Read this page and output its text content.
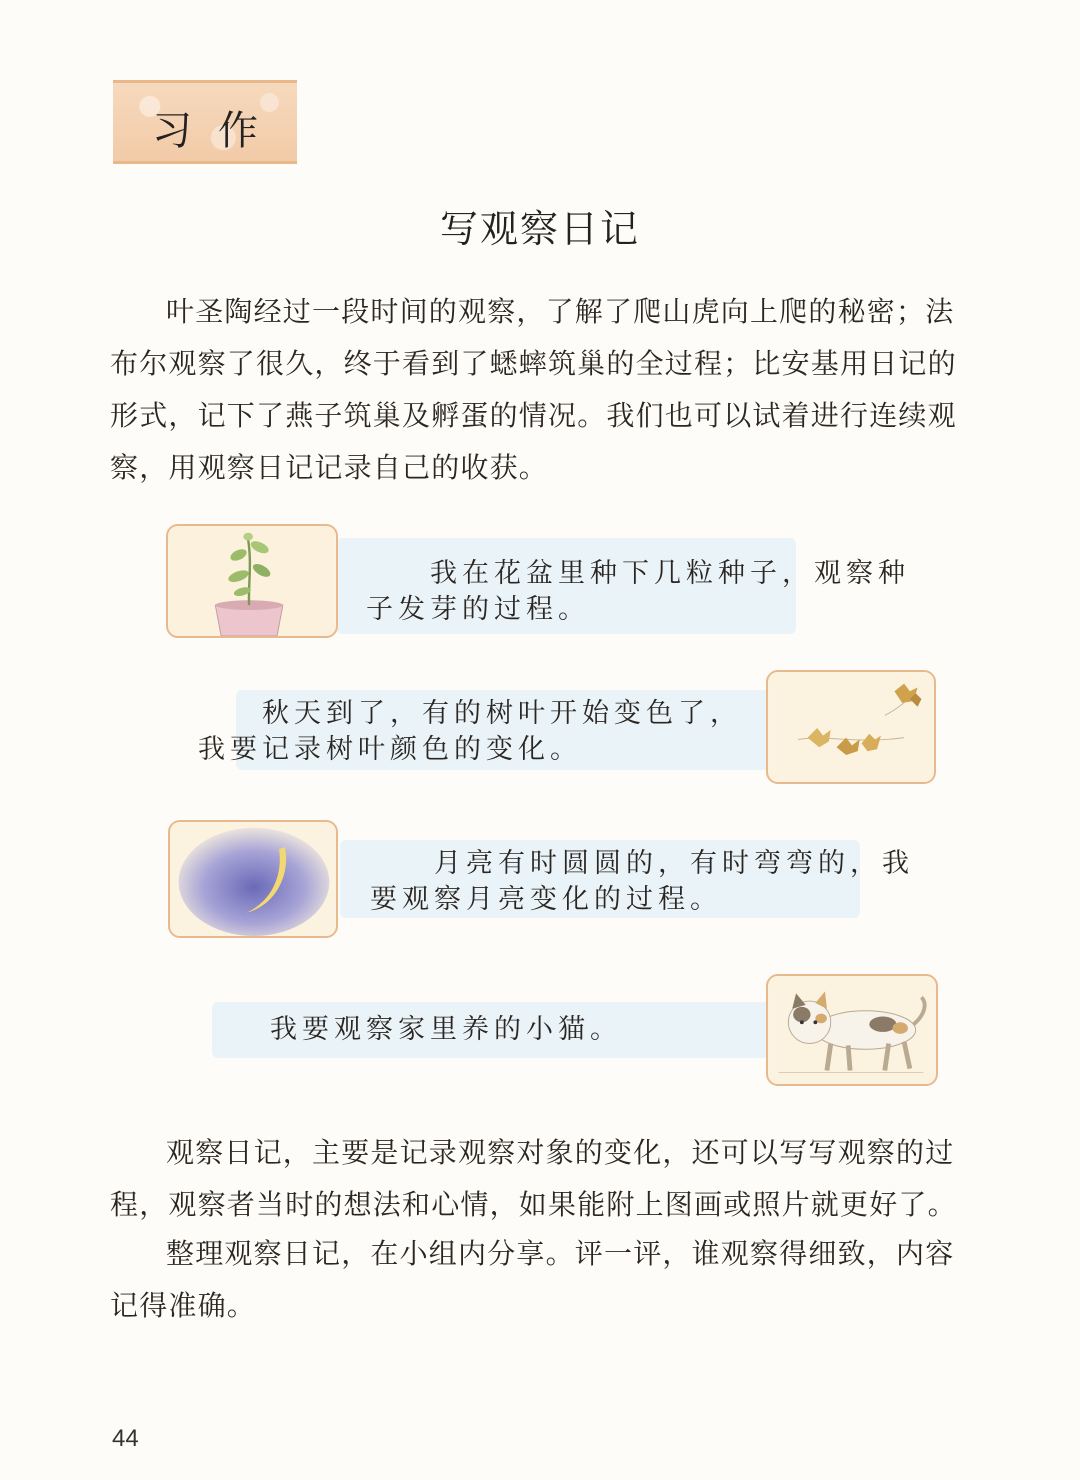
习作
写观察日记
叶圣陶经过一段时间的观察，了解了爬山虎向上爬的秘密；法布尔观察了很久，终于看到了蟋蟀筑巢的全过程；比安基用日记的形式，记下了燕子筑巢及孵蛋的情况。我们也可以试着进行连续观察，用观察日记记录自己的收获。
我在花盆里种下几粒种子，观察种子发芽的过程。
秋天到了，有的树叶开始变色了，我要记录树叶颜色的变化。
月亮有时圆圆的，有时弯弯的，我要观察月亮变化的过程。
我要观察家里养的小猫。
观察日记，主要是记录观察对象的变化，还可以写写观察的过程，观察者当时的想法和心情，如果能附上图画或照片就更好了。
整理观察日记，在小组内分享。评一评，谁观察得细致，内容记得准确。
44
